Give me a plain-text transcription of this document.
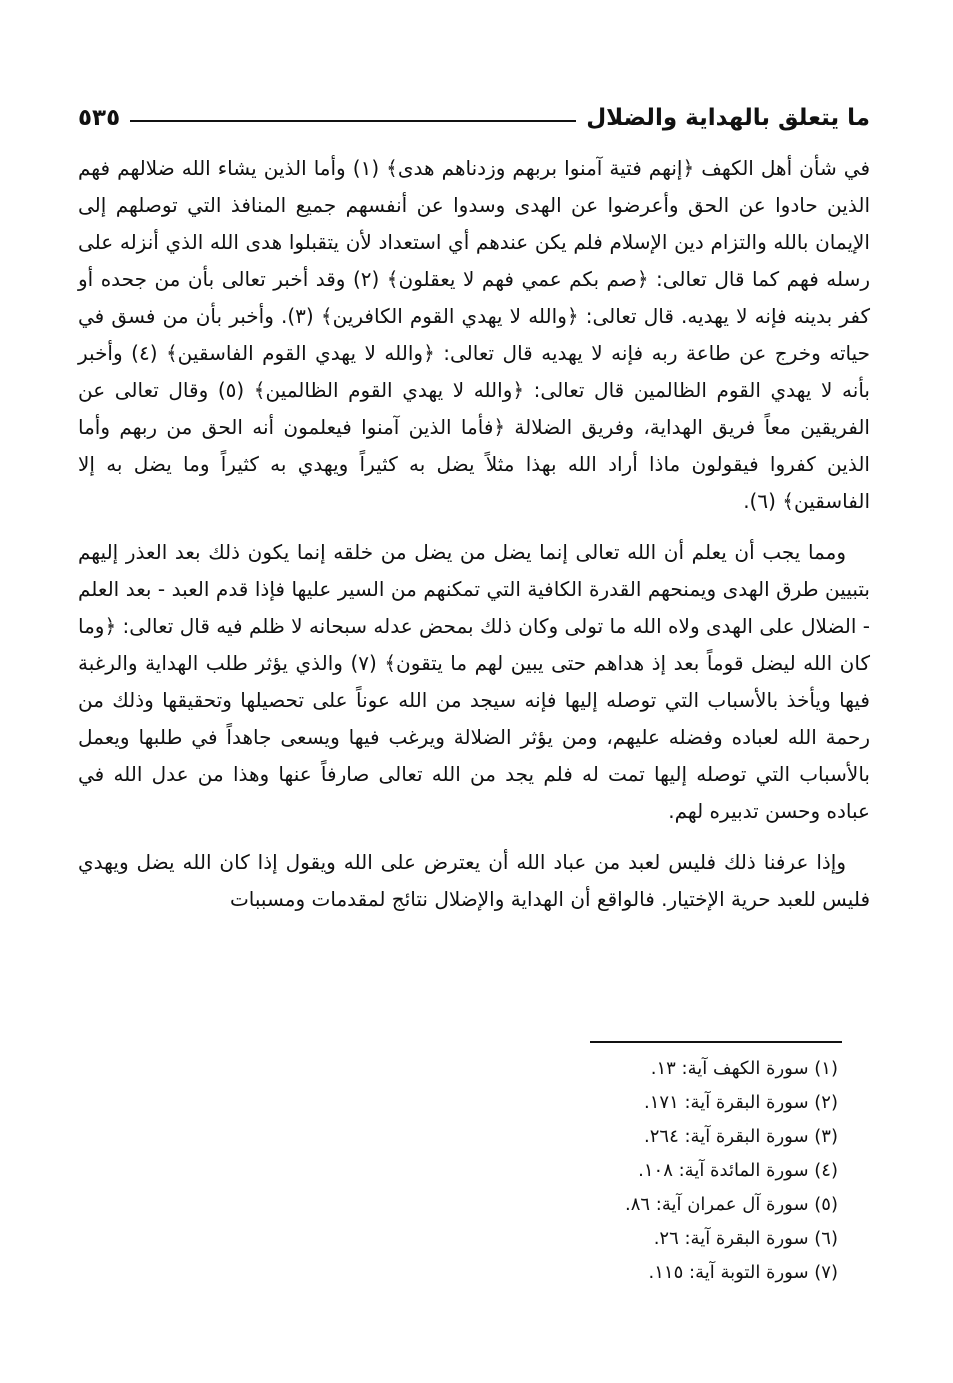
ما يتعلق بالهداية والضلال
٥٣٥

في شأن أهل الكهف ﴿إنهم فتية آمنوا بربهم وزدناهم هدى﴾ (١) وأما الذين يشاء الله ضلالهم فهم الذين حادوا عن الحق وأعرضوا عن الهدى وسدوا عن أنفسهم جميع المنافذ التي توصلهم إلى الإيمان بالله والتزام دين الإسلام فلم يكن عندهم أي استعداد لأن يتقبلوا هدى الله الذي أنزله على رسله فهم كما قال تعالى: ﴿صم بكم عمي فهم لا يعقلون﴾ (٢) وقد أخبر تعالى بأن من جحده أو كفر بدينه فإنه لا يهديه. قال تعالى: ﴿والله لا يهدي القوم الكافرين﴾ (٣). وأخبر بأن من فسق في حياته وخرج عن طاعة ربه فإنه لا يهديه قال تعالى: ﴿والله لا يهدي القوم الفاسقين﴾ (٤) وأخبر بأنه لا يهدي القوم الظالمين قال تعالى: ﴿والله لا يهدي القوم الظالمين﴾ (٥) وقال تعالى عن الفريقين معاً فريق الهداية، وفريق الضلالة ﴿فأما الذين آمنوا فيعلمون أنه الحق من ربهم وأما الذين كفروا فيقولون ماذا أراد الله بهذا مثلاً يضل به كثيراً ويهدي به كثيراً وما يضل به إلا الفاسقين﴾ (٦).

ومما يجب أن يعلم أن الله تعالى إنما يضل من يضل من خلقه إنما يكون ذلك بعد العذر إليهم بتبيين طرق الهدى ويمنحهم القدرة الكافية التي تمكنهم من السير عليها فإذا قدم العبد - بعد العلم - الضلال على الهدى ولاه الله ما تولى وكان ذلك بمحض عدله سبحانه لا ظلم فيه قال تعالى: ﴿وما كان الله ليضل قوماً بعد إذ هداهم حتى يبين لهم ما يتقون﴾ (٧) والذي يؤثر طلب الهداية والرغبة فيها ويأخذ بالأسباب التي توصله إليها فإنه سيجد من الله عوناً على تحصيلها وتحقيقها وذلك من رحمة الله لعباده وفضله عليهم، ومن يؤثر الضلالة ويرغب فيها ويسعى جاهداً في طلبها ويعمل بالأسباب التي توصله إليها تمت له فلم يجد من الله تعالى صارفاً عنها وهذا من عدل الله في عباده وحسن تدبيره لهم.

وإذا عرفنا ذلك فليس لعبد من عباد الله أن يعترض على الله ويقول إذا كان الله يضل ويهدي فليس للعبد حرية الإختيار. فالواقع أن الهداية والإضلال نتائج لمقدمات ومسببات

(١) سورة الكهف آية: ١٣.
(٢) سورة البقرة آية: ١٧١.
(٣) سورة البقرة آية: ٢٦٤.
(٤) سورة المائدة آية: ١٠٨.
(٥) سورة آل عمران آية: ٨٦.
(٦) سورة البقرة آية: ٢٦.
(٧) سورة التوبة آية: ١١٥.
